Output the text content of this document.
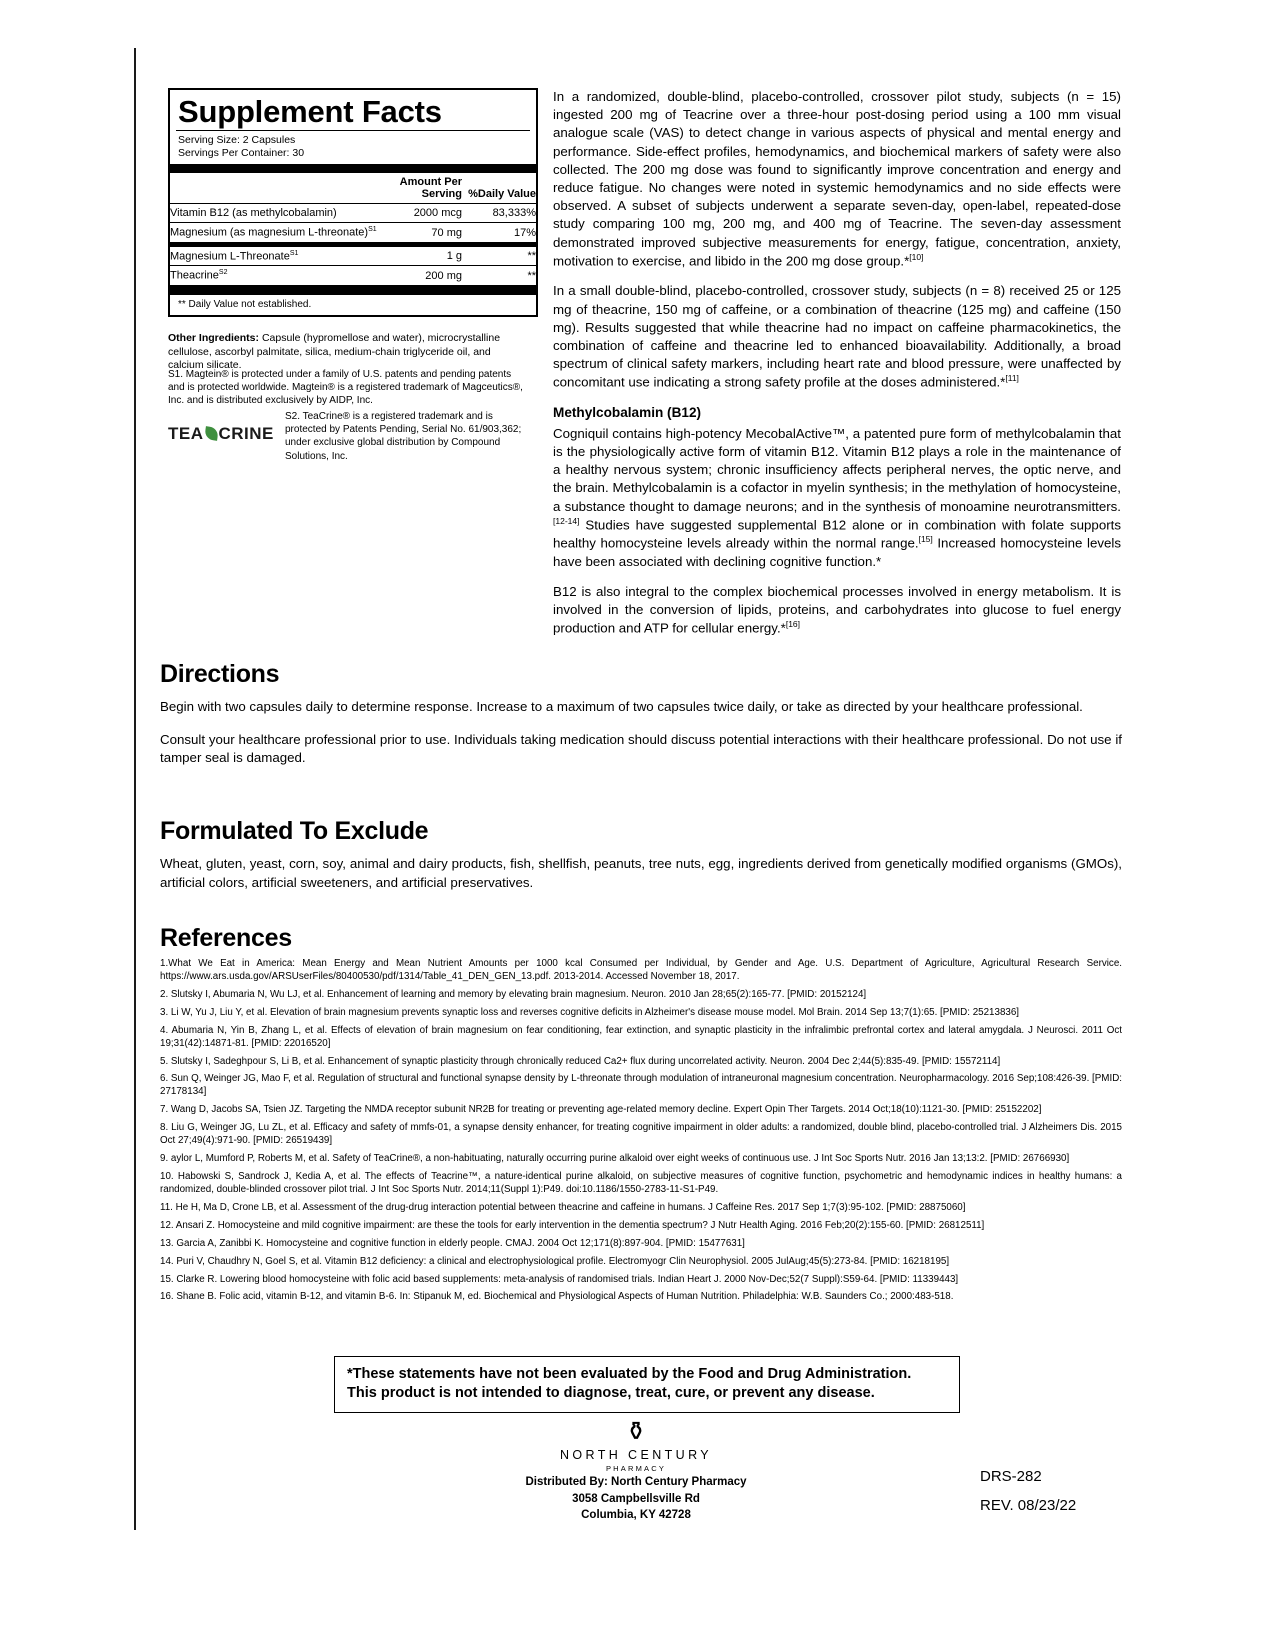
Supplement Facts
Serving Size: 2 Capsules
Servings Per Container: 30
	Amount Per Serving	%Daily Value
Vitamin B12 (as methylcobalamin)	2000 mcg	83,333%
Magnesium (as magnesium L-threonate)$^{S1}$	70 mg	17%
Magnesium L-Threonate$^{S1}$	1 g	**
Theacrine$^{S2}$	200 mg	**
** Daily Value not established.
Other Ingredients: Capsule (hypromellose and water), microcrystalline cellulose, ascorbyl palmitate, silica, medium-chain triglyceride oil, and calcium silicate.
S1. Magtein® is protected under a family of U.S. patents and pending patents and is protected worldwide. Magtein® is a registered trademark of Magceutics®, Inc. and is distributed exclusively by AIDP, Inc.
TEA CRINE
S2. TeaCrine® is a registered trademark and is protected by Patents Pending, Serial No. 61/903,362; under exclusive global distribution by Compound Solutions, Inc.

In a randomized, double-blind, placebo-controlled, crossover pilot study, subjects (n = 15) ingested 200 mg of Teacrine over a three-hour post-dosing period using a 100 mm visual analogue scale (VAS) to detect change in various aspects of physical and mental energy and performance. Side-effect profiles, hemodynamics, and biochemical markers of safety were also collected. The 200 mg dose was found to significantly improve concentration and energy and reduce fatigue. No changes were noted in systemic hemodynamics and no side effects were observed. A subset of subjects underwent a separate seven-day, open-label, repeated-dose study comparing 100 mg, 200 mg, and 400 mg of Teacrine. The seven-day assessment demonstrated improved subjective measurements for energy, fatigue, concentration, anxiety, motivation to exercise, and libido in the 200 mg dose group.*[10]

In a small double-blind, placebo-controlled, crossover study, subjects (n = 8) received 25 or 125 mg of theacrine, 150 mg of caffeine, or a combination of theacrine (125 mg) and caffeine (150 mg). Results suggested that while theacrine had no impact on caffeine pharmacokinetics, the combination of caffeine and theacrine led to enhanced bioavailability. Additionally, a broad spectrum of clinical safety markers, including heart rate and blood pressure, were unaffected by concomitant use indicating a strong safety profile at the doses administered.*[11]

Methylcobalamin (B12)

Cogniquil contains high-potency MecobalActive™, a patented pure form of methylcobalamin that is the physiologically active form of vitamin B12. Vitamin B12 plays a role in the maintenance of a healthy nervous system; chronic insufficiency affects peripheral nerves, the optic nerve, and the brain. Methylcobalamin is a cofactor in myelin synthesis; in the methylation of homocysteine, a substance thought to damage neurons; and in the synthesis of monoamine neurotransmitters.[12-14] Studies have suggested supplemental B12 alone or in combination with folate supports healthy homocysteine levels already within the normal range.[15] Increased homocysteine levels have been associated with declining cognitive function.*

B12 is also integral to the complex biochemical processes involved in energy metabolism. It is involved in the conversion of lipids, proteins, and carbohydrates into glucose to fuel energy production and ATP for cellular energy.*[16]

Directions

Begin with two capsules daily to determine response. Increase to a maximum of two capsules twice daily, or take as directed by your healthcare professional.

Consult your healthcare professional prior to use. Individuals taking medication should discuss potential interactions with their healthcare professional. Do not use if tamper seal is damaged.

Formulated To Exclude

Wheat, gluten, yeast, corn, soy, animal and dairy products, fish, shellfish, peanuts, tree nuts, egg, ingredients derived from genetically modified organisms (GMOs), artificial colors, artificial sweeteners, and artificial preservatives.

References
1.What We Eat in America: Mean Energy and Mean Nutrient Amounts per 1000 kcal Consumed per Individual, by Gender and Age. U.S. Department of Agriculture, Agricultural Research Service. https://www.ars.usda.gov/ARSUserFiles/80400530/pdf/1314/Table_41_DEN_GEN_13.pdf. 2013-2014. Accessed November 18, 2017.
2. Slutsky I, Abumaria N, Wu LJ, et al. Enhancement of learning and memory by elevating brain magnesium. Neuron. 2010 Jan 28;65(2):165-77. [PMID: 20152124]
3. Li W, Yu J, Liu Y, et al. Elevation of brain magnesium prevents synaptic loss and reverses cognitive deficits in Alzheimer's disease mouse model. Mol Brain. 2014 Sep 13;7(1):65. [PMID: 25213836]
4. Abumaria N, Yin B, Zhang L, et al. Effects of elevation of brain magnesium on fear conditioning, fear extinction, and synaptic plasticity in the infralimbic prefrontal cortex and lateral amygdala. J Neurosci. 2011 Oct 19;31(42):14871-81. [PMID: 22016520]
5. Slutsky I, Sadeghpour S, Li B, et al. Enhancement of synaptic plasticity through chronically reduced Ca2+ flux during uncorrelated activity. Neuron. 2004 Dec 2;44(5):835-49. [PMID: 15572114]
6. Sun Q, Weinger JG, Mao F, et al. Regulation of structural and functional synapse density by L-threonate through modulation of intraneuronal magnesium concentration. Neuropharmacology. 2016 Sep;108:426-39. [PMID: 27178134]
7. Wang D, Jacobs SA, Tsien JZ. Targeting the NMDA receptor subunit NR2B for treating or preventing age-related memory decline. Expert Opin Ther Targets. 2014 Oct;18(10):1121-30. [PMID: 25152202]
8. Liu G, Weinger JG, Lu ZL, et al. Efficacy and safety of mmfs-01, a synapse density enhancer, for treating cognitive impairment in older adults: a randomized, double blind, placebo-controlled trial. J Alzheimers Dis. 2015 Oct 27;49(4):971-90. [PMID: 26519439]
9. aylor L, Mumford P, Roberts M, et al. Safety of TeaCrine®, a non-habituating, naturally occurring purine alkaloid over eight weeks of continuous use. J Int Soc Sports Nutr. 2016 Jan 13;13:2. [PMID: 26766930]
10. Habowski S, Sandrock J, Kedia A, et al. The effects of Teacrine™, a nature-identical purine alkaloid, on subjective measures of cognitive function, psychometric and hemodynamic indices in healthy humans: a randomized, double-blinded crossover pilot trial. J Int Soc Sports Nutr. 2014;11(Suppl 1):P49. doi:10.1186/1550-2783-11-S1-P49.
11. He H, Ma D, Crone LB, et al. Assessment of the drug-drug interaction potential between theacrine and caffeine in humans. J Caffeine Res. 2017 Sep 1;7(3):95-102. [PMID: 28875060]
12. Ansari Z. Homocysteine and mild cognitive impairment: are these the tools for early intervention in the dementia spectrum? J Nutr Health Aging. 2016 Feb;20(2):155-60. [PMID: 26812511]
13. Garcia A, Zanibbi K. Homocysteine and cognitive function in elderly people. CMAJ. 2004 Oct 12;171(8):897-904. [PMID: 15477631]
14. Puri V, Chaudhry N, Goel S, et al. Vitamin B12 deficiency: a clinical and electrophysiological profile. Electromyogr Clin Neurophysiol. 2005 JulAug;45(5):273-84. [PMID: 16218195]
15. Clarke R. Lowering blood homocysteine with folic acid based supplements: meta-analysis of randomised trials. Indian Heart J. 2000 Nov-Dec;52(7 Suppl):S59-64. [PMID: 11339443]
16. Shane B. Folic acid, vitamin B-12, and vitamin B-6. In: Stipanuk M, ed. Biochemical and Physiological Aspects of Human Nutrition. Philadelphia: W.B. Saunders Co.; 2000:483-518.
*These statements have not been evaluated by the Food and Drug Administration.
This product is not intended to diagnose, treat, cure, or prevent any disease.
⚱
NORTH CENTURY
PHARMACY
Distributed By: North Century Pharmacy
3058 Campbellsville Rd
Columbia, KY 42728
DRS-282
REV. 08/23/22
